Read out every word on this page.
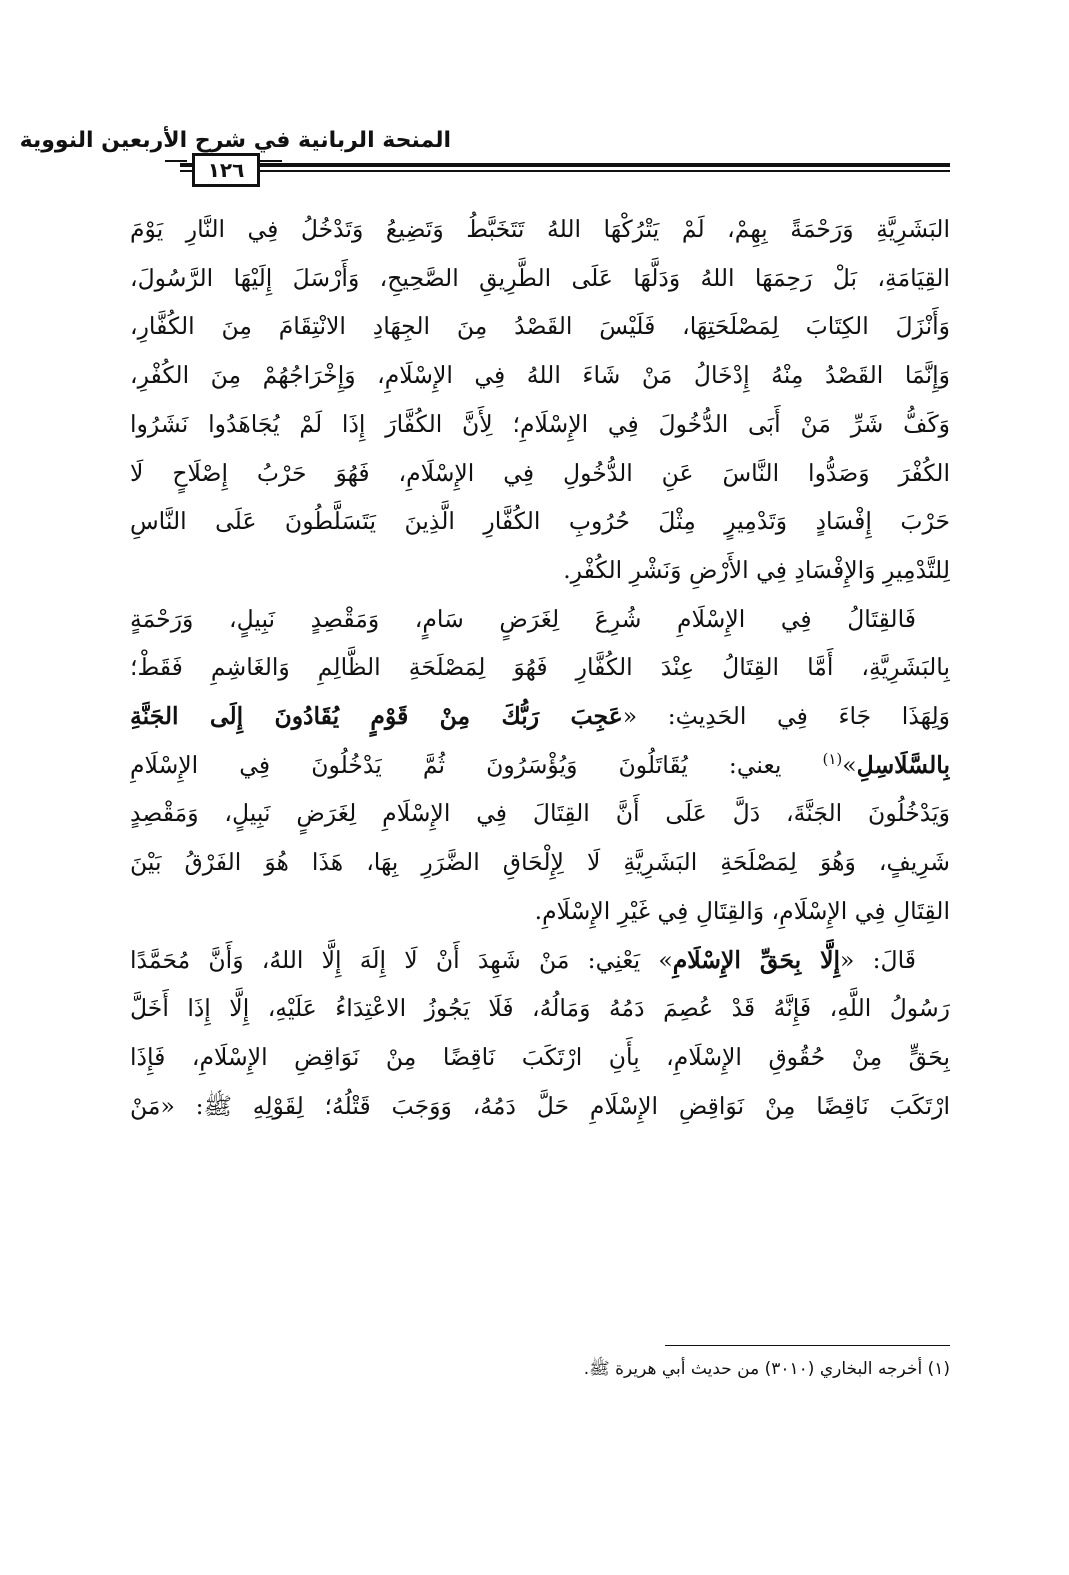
المنحة الربانية في شرح الأربعين النووية
١٢٦

البَشَرِيَّةِ وَرَحْمَةً بِهِمْ، لَمْ يَتْرُكْهَا اللهُ تَتَخَبَّطُ وَتَضِيعُ وَتَدْخُلُ فِي النَّارِ يَوْمَ
القِيَامَةِ، بَلْ رَحِمَهَا اللهُ وَدَلَّهَا عَلَى الطَّرِيقِ الصَّحِيحِ، وَأَرْسَلَ إِلَيْهَا الرَّسُولَ،
وَأَنْزَلَ الكِتَابَ لِمَصْلَحَتِهَا، فَلَيْسَ القَصْدُ مِنَ الجِهَادِ الانْتِقَامَ مِنَ الكُفَّارِ،
وَإِنَّمَا القَصْدُ مِنْهُ إِدْخَالُ مَنْ شَاءَ اللهُ فِي الإِسْلَامِ، وَإِخْرَاجُهُمْ مِنَ الكُفْرِ،
وَكَفُّ شَرِّ مَنْ أَبَى الدُّخُولَ فِي الإِسْلَامِ؛ لِأَنَّ الكُفَّارَ إِذَا لَمْ يُجَاهَدُوا نَشَرُوا
الكُفْرَ وَصَدُّوا النَّاسَ عَنِ الدُّخُولِ فِي الإِسْلَامِ، فَهُوَ حَرْبُ إِصْلَاحٍ لَا
حَرْبَ إِفْسَادٍ وَتَدْمِيرٍ مِثْلَ حُرُوبِ الكُفَّارِ الَّذِينَ يَتَسَلَّطُونَ عَلَى النَّاسِ
لِلتَّدْمِيرِ وَالإِفْسَادِ فِي الأَرْضِ وَنَشْرِ الكُفْرِ.

فَالقِتَالُ فِي الإِسْلَامِ شُرِعَ لِغَرَضٍ سَامٍ، وَمَقْصِدٍ نَبِيلٍ، وَرَحْمَةٍ
بِالبَشَرِيَّةِ، أَمَّا القِتَالُ عِنْدَ الكُفَّارِ فَهُوَ لِمَصْلَحَةِ الظَّالِمِ وَالغَاشِمِ فَقَطْ؛
وَلِهَذَا جَاءَ فِي الحَدِيثِ: «عَجِبَ رَبُّكَ مِنْ قَوْمٍ يُقَادُونَ إِلَى الجَنَّةِ
بِالسَّلَاسِلِ»$^{(١)}$ يعني: يُقَاتَلُونَ وَيُؤْسَرُونَ ثُمَّ يَدْخُلُونَ فِي الإِسْلَامِ
وَيَدْخُلُونَ الجَنَّةَ، دَلَّ عَلَى أَنَّ القِتَالَ فِي الإِسْلَامِ لِغَرَضٍ نَبِيلٍ، وَمَقْصِدٍ
شَرِيفٍ، وَهُوَ لِمَصْلَحَةِ البَشَرِيَّةِ لَا لِإِلْحَاقِ الضَّرَرِ بِهَا، هَذَا هُوَ الفَرْقُ بَيْنَ
القِتَالِ فِي الإِسْلَامِ، وَالقِتَالِ فِي غَيْرِ الإِسْلَامِ.

قَالَ: «إِلَّا بِحَقِّ الإِسْلَامِ» يَعْنِي: مَنْ شَهِدَ أَنْ لَا إِلَهَ إِلَّا اللهُ، وَأَنَّ مُحَمَّدًا
رَسُولُ اللَّهِ، فَإِنَّهُ قَدْ عُصِمَ دَمُهُ وَمَالُهُ، فَلَا يَجُوزُ الاعْتِدَاءُ عَلَيْهِ، إِلَّا إِذَا أَخَلَّ
بِحَقٍّ مِنْ حُقُوقِ الإِسْلَامِ، بِأَنِ ارْتَكَبَ نَاقِضًا مِنْ نَوَاقِضِ الإِسْلَامِ، فَإِذَا
ارْتَكَبَ نَاقِضًا مِنْ نَوَاقِضِ الإِسْلَامِ حَلَّ دَمُهُ، وَوَجَبَ قَتْلُهُ؛ لِقَوْلِهِ ﷺ: «مَنْ

(١) أخرجه البخاري (٣٠١٠) من حديث أبي هريرة ﷺ.
